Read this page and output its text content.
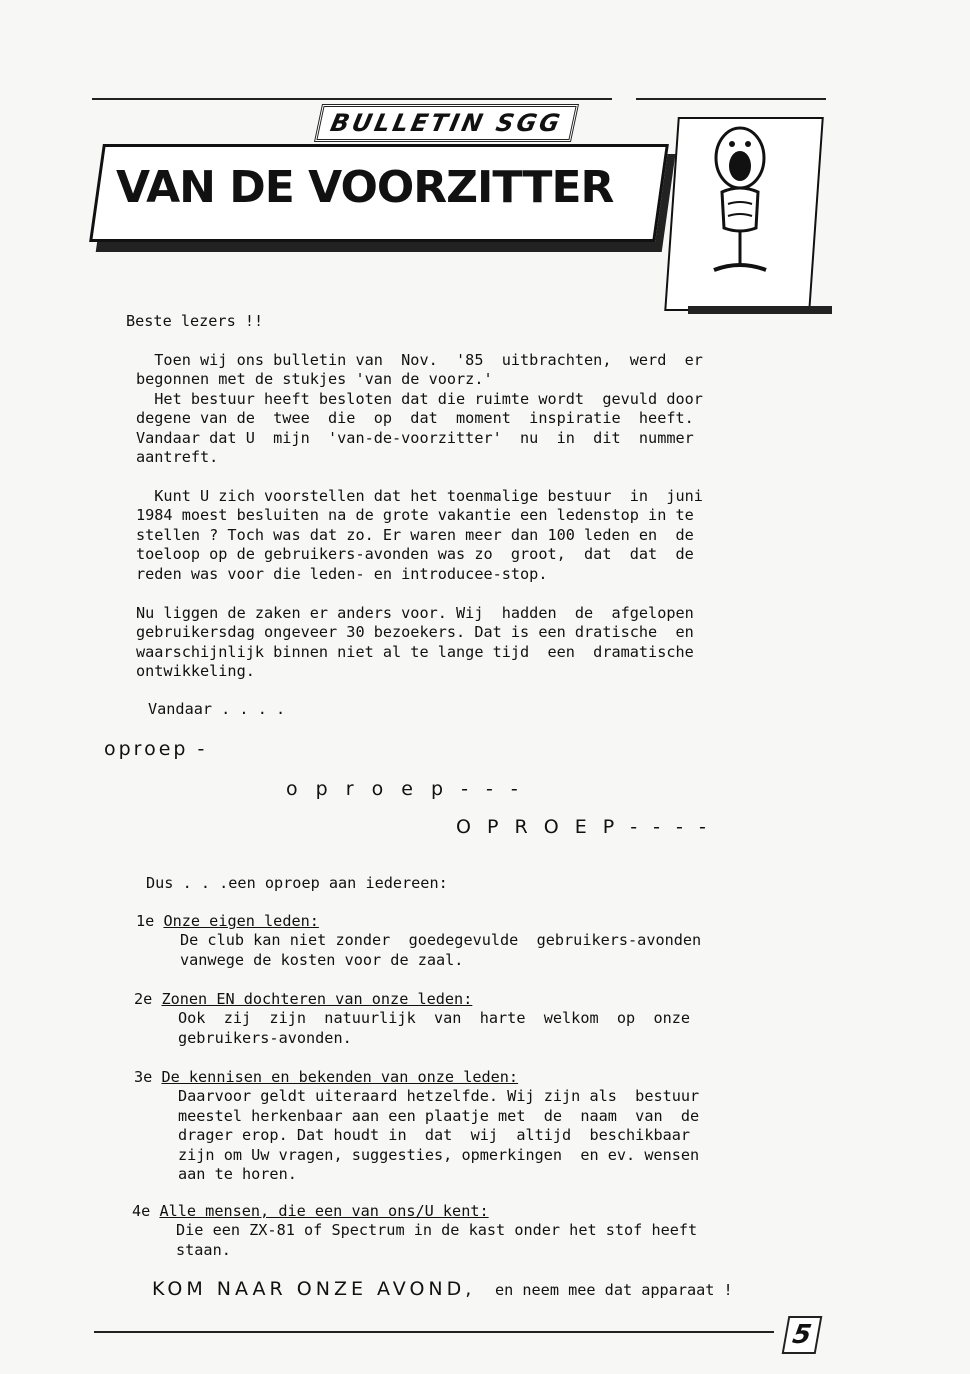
BULLETIN SGG
VAN DE VOORZITTER
Beste lezers !!
Toen wij ons bulletin van  Nov.  '85  uitbrachten,  werd  er
begonnen met de stukjes 'van de voorz.'
Het bestuur heeft besloten dat die ruimte wordt  gevuld door
degene van de  twee  die  op  dat  moment  inspiratie  heeft.
Vandaar dat U  mijn  'van-de-voorzitter'  nu  in  dit  nummer
aantreft.
Kunt U zich voorstellen dat het toenmalige bestuur  in  juni
1984 moest besluiten na de grote vakantie een ledenstop in te
stellen ? Toch was dat zo. Er waren meer dan 100 leden en  de
toeloop op de gebruikers-avonden was zo  groot,  dat  dat  de
reden was voor die leden- en introducee-stop.
Nu liggen de zaken er anders voor. Wij  hadden  de  afgelopen
gebruikersdag ongeveer 30 bezoekers. Dat is een dratische  en
waarschijnlijk binnen niet al te lange tijd  een  dramatische
ontwikkeling.
Vandaar . . . .
oproep -
o p r o e p - - -
O P R O E P - - - -
Dus . . .een oproep aan iedereen:
1e Onze eigen leden:
De club kan niet zonder  goedegevulde  gebruikers-avonden
vanwege de kosten voor de zaal.
2e Zonen EN dochteren van onze leden:
Ook  zij  zijn  natuurlijk  van  harte  welkom  op  onze
gebruikers-avonden.
3e De kennisen en bekenden van onze leden:
Daarvoor geldt uiteraard hetzelfde. Wij zijn als  bestuur
meestel herkenbaar aan een plaatje met  de  naam  van  de
drager erop. Dat houdt in  dat  wij  altijd  beschikbaar
zijn om Uw vragen, suggesties, opmerkingen  en ev. wensen
aan te horen.
4e Alle mensen, die een van ons/U kent:
Die een ZX-81 of Spectrum in de kast onder het stof heeft
staan.
KOM NAAR ONZE AVOND, en neem mee dat apparaat !
5
